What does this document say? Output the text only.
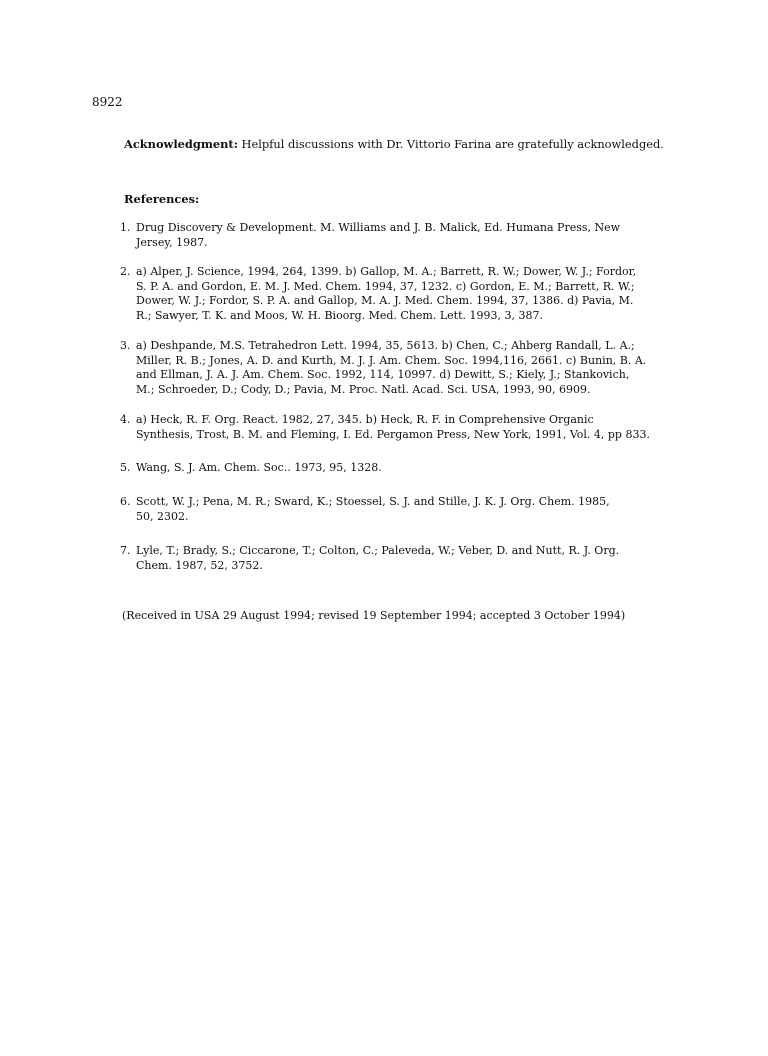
8922
Acknowledgment: Helpful discussions with Dr. Vittorio Farina are gratefully acknowledged.
References:
1. Drug Discovery & Development. M. Williams and J. B. Malick, Ed. Humana Press, New
Jersey, 1987.
2. a) Alper, J. Science, 1994, 264, 1399. b) Gallop, M. A.; Barrett, R. W.; Dower, W. J.; Fordor,
S. P. A. and Gordon, E. M. J. Med. Chem. 1994, 37, 1232. c) Gordon, E. M.; Barrett, R. W.;
Dower, W. J.; Fordor, S. P. A. and Gallop, M. A. J. Med. Chem. 1994, 37, 1386. d) Pavia, M.
R.; Sawyer, T. K. and Moos, W. H. Bioorg. Med. Chem. Lett. 1993, 3, 387.
3. a) Deshpande, M.S. Tetrahedron Lett. 1994, 35, 5613. b) Chen, C.; Ahberg Randall, L. A.;
Miller, R. B.; Jones, A. D. and Kurth, M. J. J. Am. Chem. Soc. 1994,116, 2661. c) Bunin, B. A.
and Ellman, J. A. J. Am. Chem. Soc. 1992, 114, 10997. d) Dewitt, S.; Kiely, J.; Stankovich,
M.; Schroeder, D.; Cody, D.; Pavia, M. Proc. Natl. Acad. Sci. USA, 1993, 90, 6909.
4. a) Heck, R. F. Org. React. 1982, 27, 345. b) Heck, R. F. in Comprehensive Organic
Synthesis, Trost, B. M. and Fleming, I. Ed. Pergamon Press, New York, 1991, Vol. 4, pp 833.
5. Wang, S. J. Am. Chem. Soc.. 1973, 95, 1328.
6. Scott, W. J.; Pena, M. R.; Sward, K.; Stoessel, S. J. and Stille, J. K. J. Org. Chem. 1985,
50, 2302.
7. Lyle, T.; Brady, S.; Ciccarone, T.; Colton, C.; Paleveda, W.; Veber, D. and Nutt, R. J. Org.
Chem. 1987, 52, 3752.
(Received in USA 29 August 1994; revised 19 September 1994; accepted 3 October 1994)
